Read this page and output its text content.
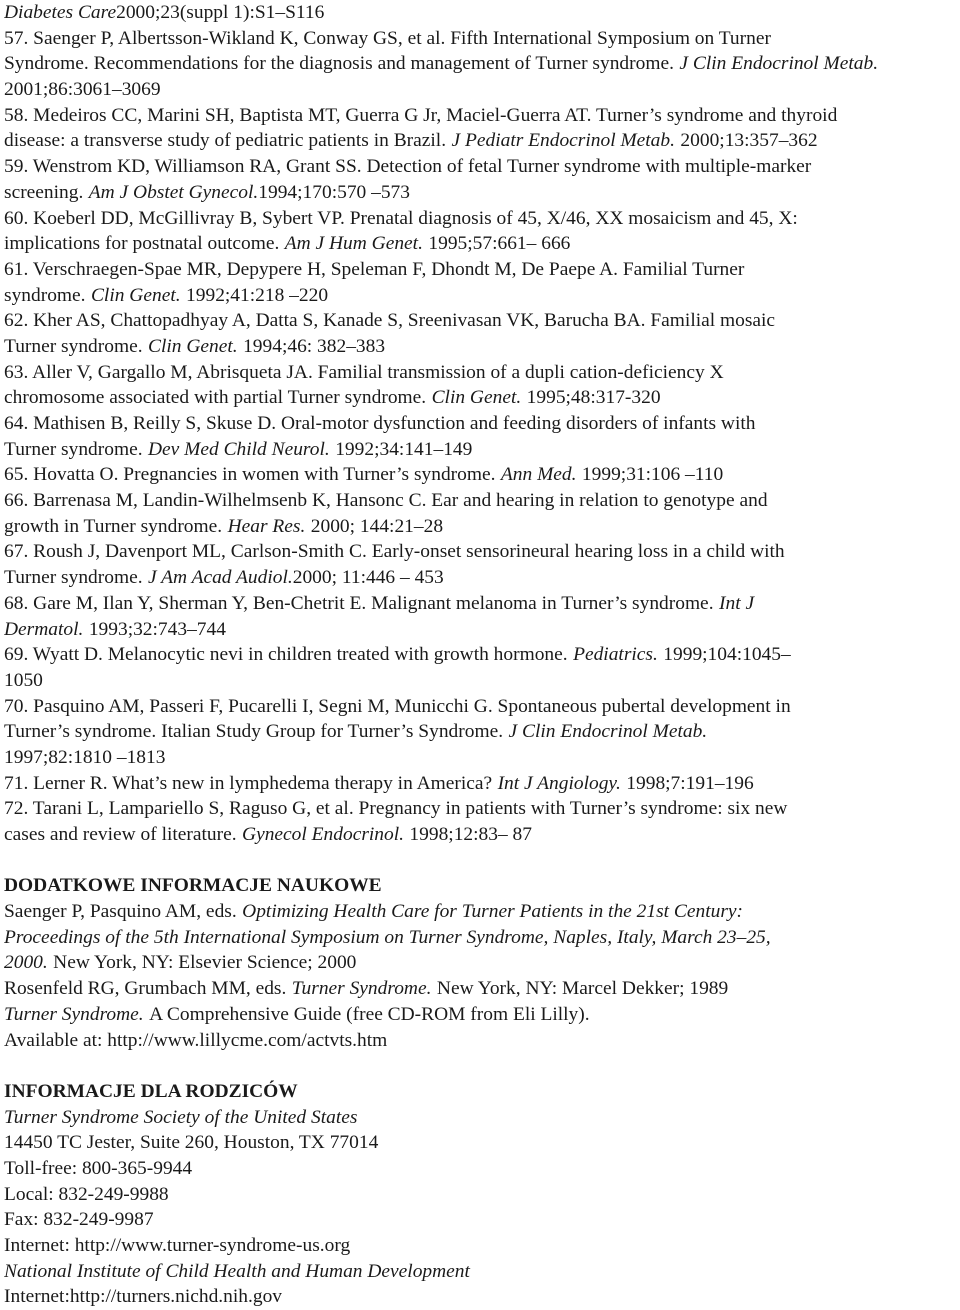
Diabetes Care2000;23(suppl 1):S1–S116
57. Saenger P, Albertsson-Wikland K, Conway GS, et al. Fifth International Symposium on Turner
Syndrome. Recommendations for the diagnosis and management of Turner syndrome. J Clin Endocrinol Metab.
2001;86:3061–3069
58. Medeiros CC, Marini SH, Baptista MT, Guerra G Jr, Maciel-Guerra AT. Turner’s syndrome and thyroid
disease: a transverse study of pediatric patients in Brazil. J Pediatr Endocrinol Metab. 2000;13:357–362
59. Wenstrom KD, Williamson RA, Grant SS. Detection of fetal Turner syndrome with multiple-marker
screening. Am J Obstet Gynecol.1994;170:570 –573
60. Koeberl DD, McGillivray B, Sybert VP. Prenatal diagnosis of 45, X/46, XX mosaicism and 45, X:
implications for postnatal outcome. Am J Hum Genet. 1995;57:661– 666
61. Verschraegen-Spae MR, Depypere H, Speleman F, Dhondt M, De Paepe A. Familial Turner
syndrome. Clin Genet. 1992;41:218 –220
62. Kher AS, Chattopadhyay A, Datta S, Kanade S, Sreenivasan VK, Barucha BA. Familial mosaic
Turner syndrome. Clin Genet. 1994;46: 382–383
63. Aller V, Gargallo M, Abrisqueta JA. Familial transmission of a dupli cation-deficiency X
chromosome associated with partial Turner syndrome. Clin Genet. 1995;48:317-320
64. Mathisen B, Reilly S, Skuse D. Oral-motor dysfunction and feeding disorders of infants with
Turner syndrome. Dev Med Child Neurol. 1992;34:141–149
65. Hovatta O. Pregnancies in women with Turner’s syndrome. Ann Med. 1999;31:106 –110
66. Barrenasa M, Landin-Wilhelmsenb K, Hansonc C. Ear and hearing in relation to genotype and
growth in Turner syndrome. Hear Res. 2000; 144:21–28
67. Roush J, Davenport ML, Carlson-Smith C. Early-onset sensorineural hearing loss in a child with
Turner syndrome. J Am Acad Audiol.2000; 11:446 – 453
68. Gare M, Ilan Y, Sherman Y, Ben-Chetrit E. Malignant melanoma in Turner’s syndrome. Int J
Dermatol. 1993;32:743–744
69. Wyatt D. Melanocytic nevi in children treated with growth hormone. Pediatrics. 1999;104:1045–
1050
70. Pasquino AM, Passeri F, Pucarelli I, Segni M, Municchi G. Spontaneous pubertal development in
Turner’s syndrome. Italian Study Group for Turner’s Syndrome. J Clin Endocrinol Metab.
1997;82:1810 –1813
71. Lerner R. What’s new in lymphedema therapy in America? Int J Angiology. 1998;7:191–196
72. Tarani L, Lampariello S, Raguso G, et al. Pregnancy in patients with Turner’s syndrome: six new
cases and review of literature. Gynecol Endocrinol. 1998;12:83– 87
DODATKOWE INFORMACJE NAUKOWE
Saenger P, Pasquino AM, eds. Optimizing Health Care for Turner Patients in the 21st Century:
Proceedings of the 5th International Symposium on Turner Syndrome, Naples, Italy, March 23–25,
2000. New York, NY: Elsevier Science; 2000
Rosenfeld RG, Grumbach MM, eds. Turner Syndrome. New York, NY: Marcel Dekker; 1989
Turner Syndrome. A Comprehensive Guide (free CD-ROM from Eli Lilly).
Available at: http://www.lillycme.com/actvts.htm
INFORMACJE DLA RODZICÓW
Turner Syndrome Society of the United States
14450 TC Jester, Suite 260, Houston, TX 77014
Toll-free: 800-365-9944
Local: 832-249-9988
Fax: 832-249-9987
Internet: http://www.turner-syndrome-us.org
National Institute of Child Health and Human Development
Internet:http://turners.nichd.nih.gov
